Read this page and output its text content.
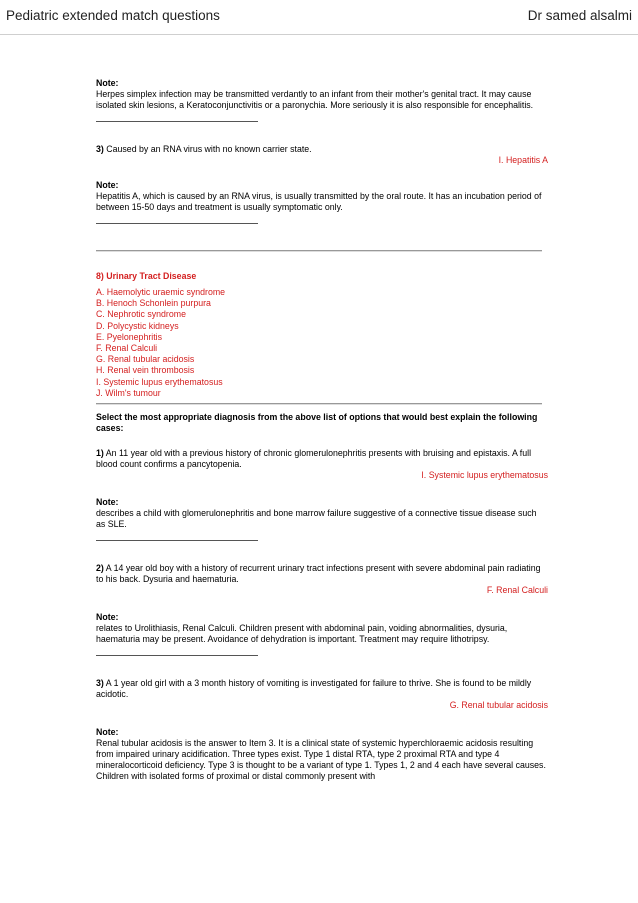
Pediatric extended match questions	Dr samed alsalmi

Note:

Herpes simplex infection may be transmitted verdantly to an infant from their mother's genital tract. It may cause isolated skin lesions, a Keratoconjunctivitis or a paronychia. More seriously it is also responsible for encephalitis.

3) Caused by an RNA virus with no known carrier state.

I. Hepatitis A

Note:

Hepatitis A, which is caused by an RNA virus, is usually transmitted by the oral route. It has an incubation period of between 15-50 days and treatment is usually symptomatic only.

8) Urinary Tract Disease

A. Haemolytic uraemic syndrome
B. Henoch Schonlein purpura
C. Nephrotic syndrome
D. Polycystic kidneys
E. Pyelonephritis
F. Renal Calculi
G. Renal tubular acidosis
H. Renal vein thrombosis
I. Systemic lupus erythematosus
J. Wilm's tumour

Select the most appropriate diagnosis from the above list of options that would best explain the following cases:

1) An 11 year old with a previous history of chronic glomerulonephritis presents with bruising and epistaxis. A full blood count confirms a pancytopenia.

I. Systemic lupus erythematosus

Note:

describes a child with glomerulonephritis and bone marrow failure suggestive of a connective tissue disease such as SLE.

2) A 14 year old boy with a history of recurrent urinary tract infections present with severe abdominal pain radiating to his back. Dysuria and haematuria.

F. Renal Calculi

Note:

relates to Urolithiasis, Renal Calculi. Children present with abdominal pain, voiding abnormalities, dysuria, haematuria may be present. Avoidance of dehydration is important. Treatment may require lithotripsy.

3) A 1 year old girl with a 3 month history of vomiting is investigated for failure to thrive. She is found to be mildly acidotic.

G. Renal tubular acidosis

Note:

Renal tubular acidosis is the answer to Item 3. It is a clinical state of systemic hyperchloraemic acidosis resulting from impaired urinary acidification. Three types exist. Type 1 distal RTA, type 2 proximal RTA and type 4 mineralocorticoid deficiency. Type 3 is thought to be a variant of type 1. Types 1, 2 and 4 each have several causes. Children with isolated forms of proximal or distal commonly present with
